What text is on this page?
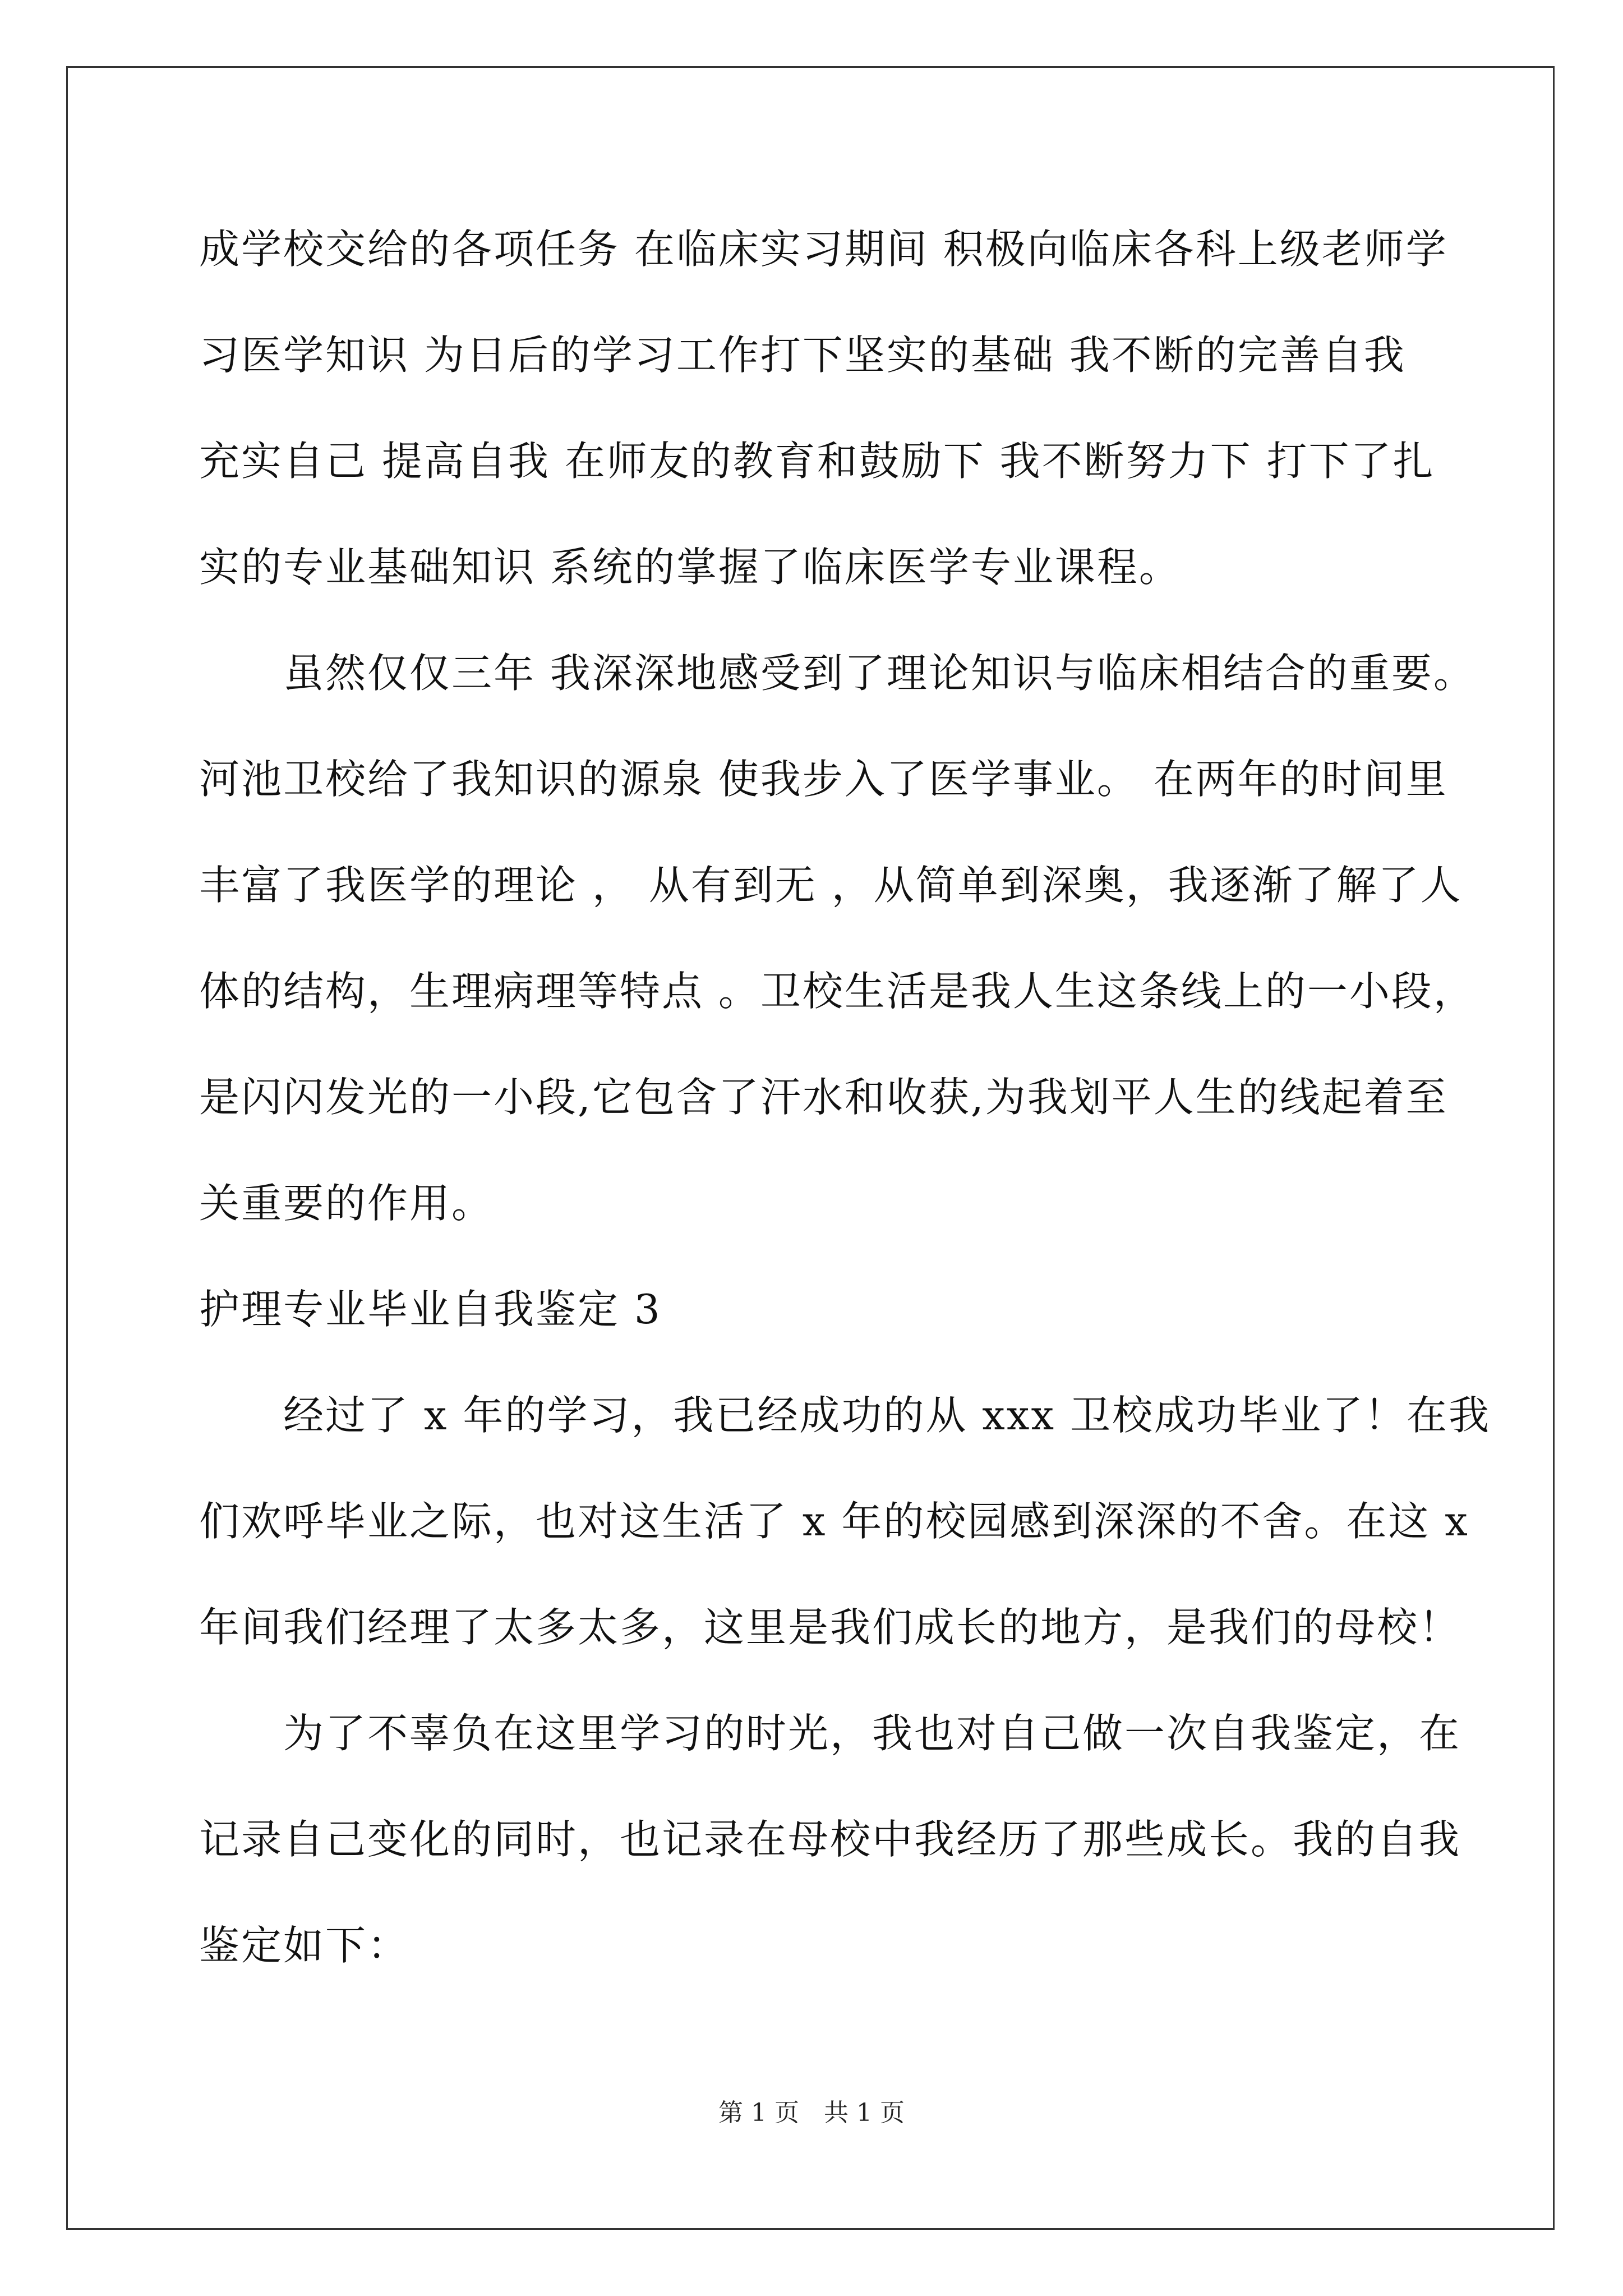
成学校交给的各项任务 在临床实习期间 积极向临床各科上级老师学
习医学知识 为日后的学习工作打下坚实的基础 我不断的完善自我
充实自己 提高自我 在师友的教育和鼓励下 我不断努力下 打下了扎
实的专业基础知识 系统的掌握了临床医学专业课程。
虽然仅仅三年 我深深地感受到了理论知识与临床相结合的重要。
河池卫校给了我知识的源泉 使我步入了医学事业。 在两年的时间里
丰富了我医学的理论 ， 从有到无 ，从简单到深奥，我逐渐了解了人
体的结构，生理病理等特点 。卫校生活是我人生这条线上的一小段，
是闪闪发光的一小段,它包含了汗水和收获,为我划平人生的线起着至
关重要的作用。
护理专业毕业自我鉴定 3
经过了 x 年的学习，我已经成功的从 xxx 卫校成功毕业了！在我
们欢呼毕业之际，也对这生活了 x 年的校园感到深深的不舍。在这 x
年间我们经理了太多太多，这里是我们成长的地方，是我们的母校！
为了不辜负在这里学习的时光，我也对自己做一次自我鉴定，在
记录自己变化的同时，也记录在母校中我经历了那些成长。我的自我
鉴定如下：
第 1 页　共 1 页
